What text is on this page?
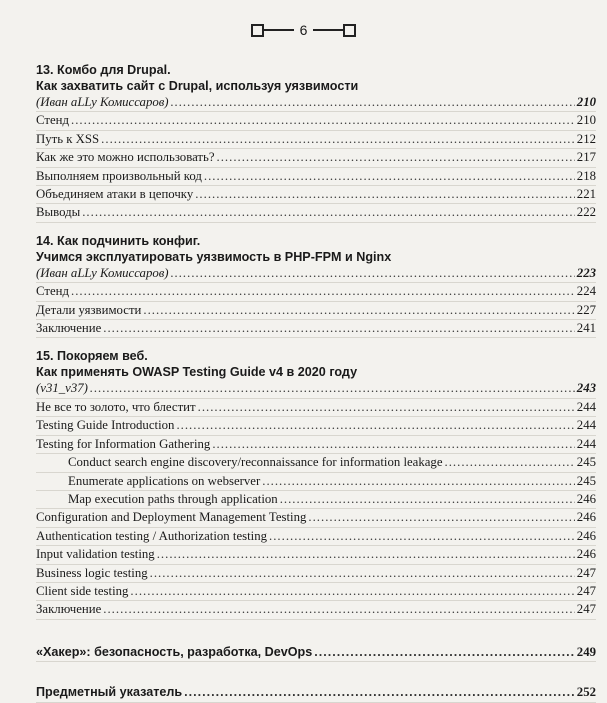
6
13. Комбо для Drupal.
Как захватить сайт с Drupal, используя уязвимости
(Иван aLLy Комиссаров) .....	210
Стенд .....	210
Путь к XSS .....	212
Как же это можно использовать? .....	217
Выполняем произвольный код .....	218
Объединяем атаки в цепочку .....	221
Выводы .....	222
14. Как подчинить конфиг.
Учимся эксплуатировать уязвимость в PHP-FPM и Nginx
(Иван aLLy Комиссаров) .....	223
Стенд .....	224
Детали уязвимости .....	227
Заключение .....	241
15. Покоряем веб.
Как применять OWASP Testing Guide v4 в 2020 году
(v31_v37) .....	243
Не все то золото, что блестит .....	244
Testing Guide Introduction .....	244
Testing for Information Gathering .....	244
Conduct search engine discovery/reconnaissance for information leakage .....	245
Enumerate applications on webserver .....	245
Map execution paths through application .....	246
Configuration and Deployment Management Testing .....	246
Authentication testing / Authorization testing .....	246
Input validation testing .....	246
Business logic testing .....	247
Client side testing .....	247
Заключение .....	247
«Хакер»: безопасность, разработка, DevOps .....	249
Предметный указатель .....	252
